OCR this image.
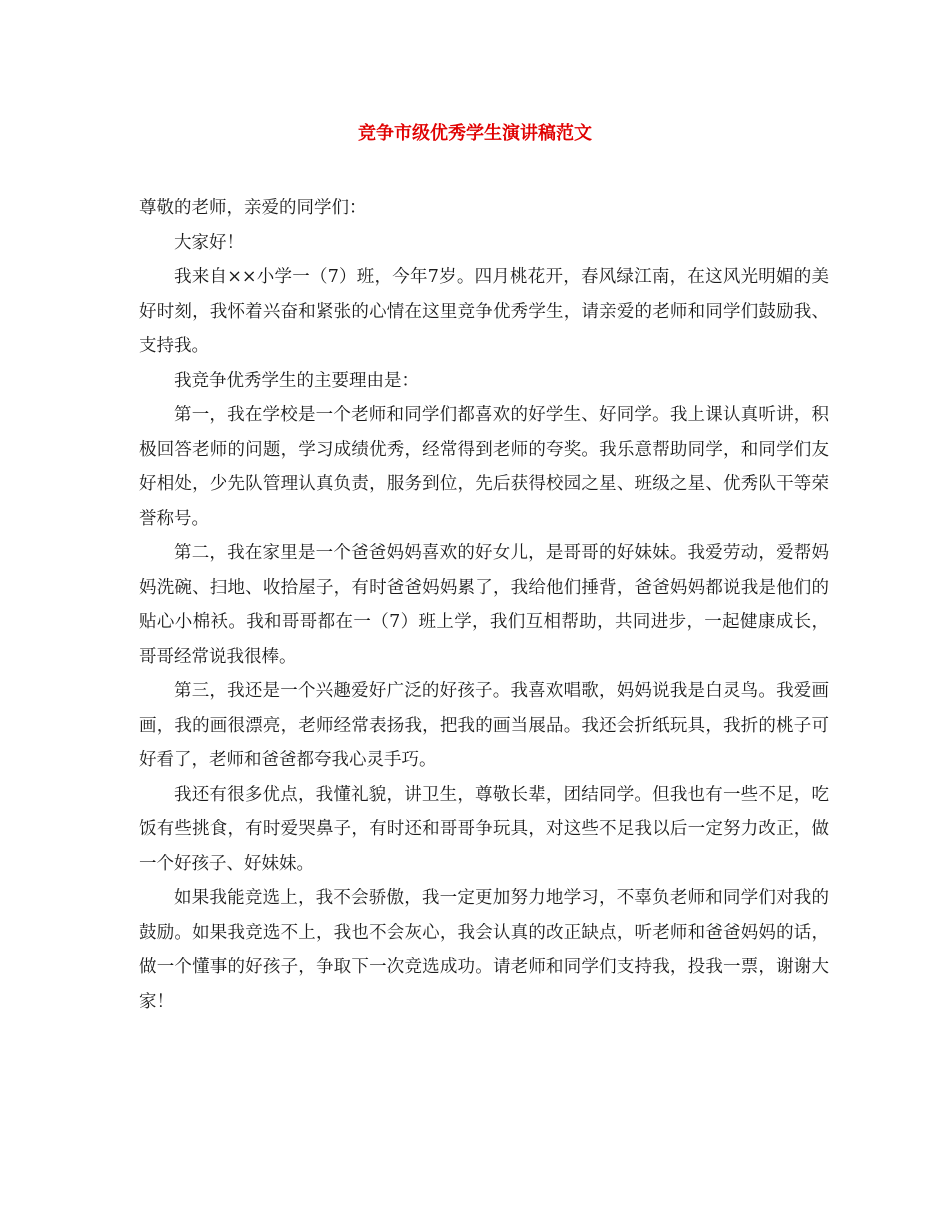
竞争市级优秀学生演讲稿范文

尊敬的老师，亲爱的同学们：

大家好！

我来自××小学一（7）班，今年7岁。四月桃花开，春风绿江南，在这风光明媚的美好时刻，我怀着兴奋和紧张的心情在这里竞争优秀学生，请亲爱的老师和同学们鼓励我、支持我。

我竞争优秀学生的主要理由是：

第一，我在学校是一个老师和同学们都喜欢的好学生、好同学。我上课认真听讲，积极回答老师的问题，学习成绩优秀，经常得到老师的夸奖。我乐意帮助同学，和同学们友好相处，少先队管理认真负责，服务到位，先后获得校园之星、班级之星、优秀队干等荣誉称号。

第二，我在家里是一个爸爸妈妈喜欢的好女儿，是哥哥的好妹妹。我爱劳动，爱帮妈妈洗碗、扫地、收拾屋子，有时爸爸妈妈累了，我给他们捶背，爸爸妈妈都说我是他们的贴心小棉袄。我和哥哥都在一（7）班上学，我们互相帮助，共同进步，一起健康成长，哥哥经常说我很棒。

第三，我还是一个兴趣爱好广泛的好孩子。我喜欢唱歌，妈妈说我是白灵鸟。我爱画画，我的画很漂亮，老师经常表扬我，把我的画当展品。我还会折纸玩具，我折的桃子可好看了，老师和爸爸都夸我心灵手巧。

我还有很多优点，我懂礼貌，讲卫生，尊敬长辈，团结同学。但我也有一些不足，吃饭有些挑食，有时爱哭鼻子，有时还和哥哥争玩具，对这些不足我以后一定努力改正，做一个好孩子、好妹妹。

如果我能竞选上，我不会骄傲，我一定更加努力地学习，不辜负老师和同学们对我的鼓励。如果我竞选不上，我也不会灰心，我会认真的改正缺点，听老师和爸爸妈妈的话，做一个懂事的好孩子，争取下一次竞选成功。请老师和同学们支持我，投我一票，谢谢大家！
